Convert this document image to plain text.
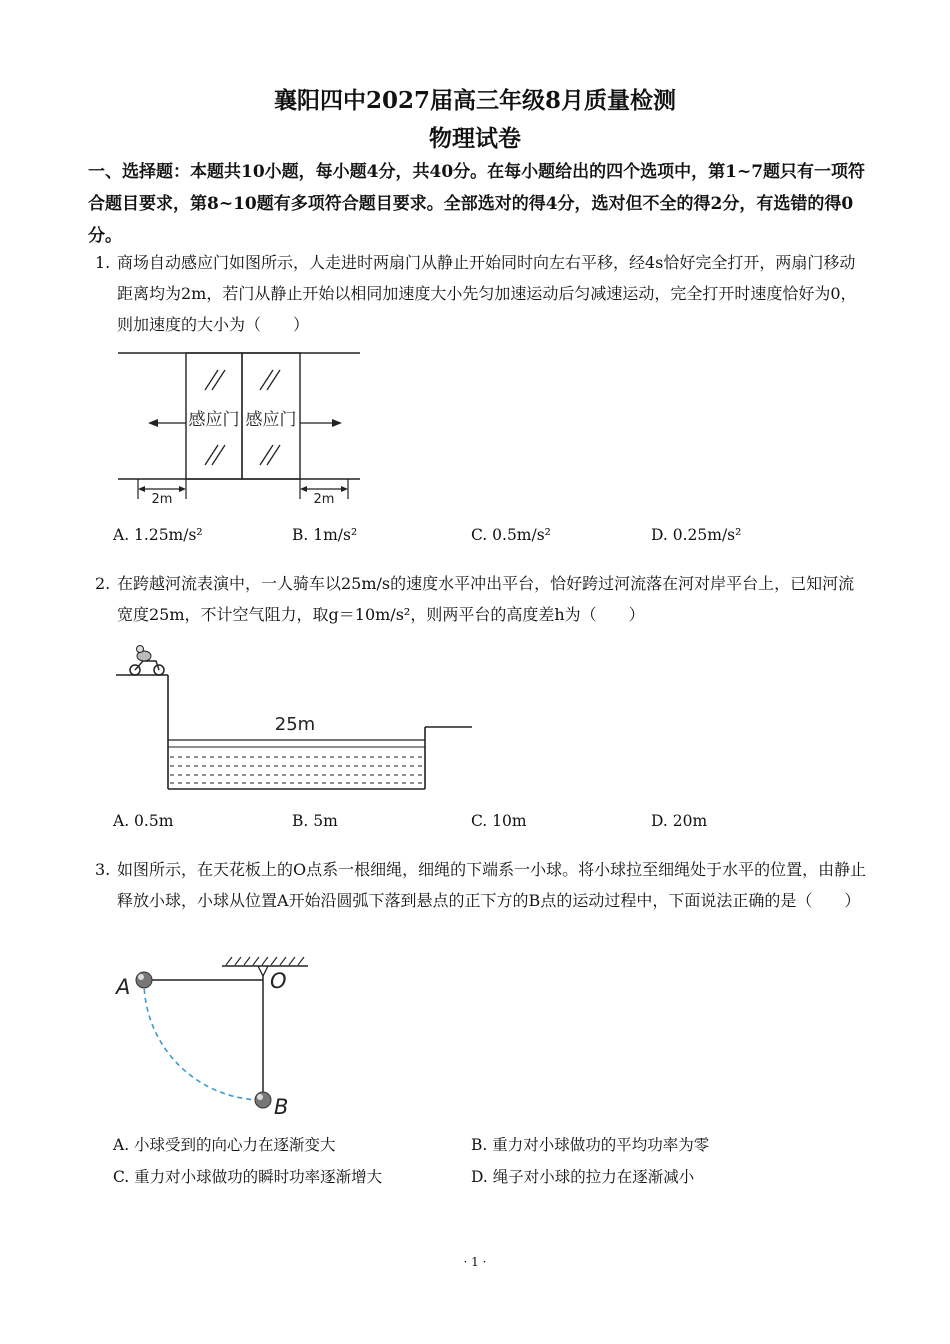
襄阳四中2027届高三年级8月质量检测
物理试卷
一、选择题：本题共10小题，每小题4分，共40分。在每小题给出的四个选项中，第1~7题只有一项符合题目要求，第8~10题有多项符合题目要求。全部选对的得4分，选对但不全的得2分，有选错的得0分。
1. 商场自动感应门如图所示，人走进时两扇门从静止开始同时向左右平移，经4s恰好完全打开，两扇门移动距离均为2m，若门从静止开始以相同加速度大小先匀加速运动后匀减速运动，完全打开时速度恰好为0，则加速度的大小为（　　）
感应门 感应门
2m	2m
A. 1.25m/s²	B. 1m/s²	C. 0.5m/s²	D. 0.25m/s²
2. 在跨越河流表演中，一人骑车以25m/s的速度水平冲出平台，恰好跨过河流落在河对岸平台上，已知河流宽度25m，不计空气阻力，取g＝10m/s²，则两平台的高度差h为（　　）
25m
A. 0.5m	B. 5m	C. 10m	D. 20m
3. 如图所示，在天花板上的O点系一根细绳，细绳的下端系一小球。将小球拉至细绳处于水平的位置，由静止释放小球，小球从位置A开始沿圆弧下落到悬点的正下方的B点的运动过程中，下面说法正确的是（　　）
A	O
B
A. 小球受到的向心力在逐渐变大	B. 重力对小球做功的平均功率为零
C. 重力对小球做功的瞬时功率逐渐增大	D. 绳子对小球的拉力在逐渐减小
· 1 ·
